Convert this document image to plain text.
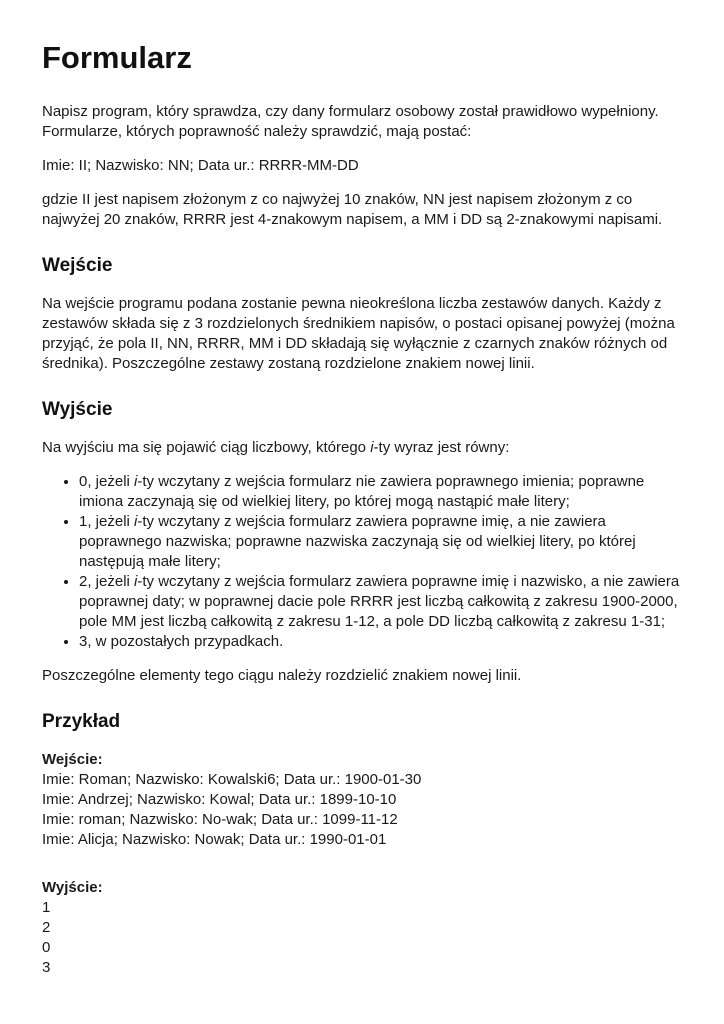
Formularz

Napisz program, który sprawdza, czy dany formularz osobowy został prawidłowo wypełniony. Formularze, których poprawność należy sprawdzić, mają postać:

Imie: II; Nazwisko: NN; Data ur.: RRRR-MM-DD

gdzie II jest napisem złożonym z co najwyżej 10 znaków, NN jest napisem złożonym z co najwyżej 20 znaków, RRRR jest 4-znakowym napisem, a MM i DD są 2-znakowymi napisami.

Wejście

Na wejście programu podana zostanie pewna nieokreślona liczba zestawów danych. Każdy z zestawów składa się z 3 rozdzielonych średnikiem napisów, o postaci opisanej powyżej (można przyjąć, że pola II, NN, RRRR, MM i DD składają się wyłącznie z czarnych znaków różnych od średnika). Poszczególne zestawy zostaną rozdzielone znakiem nowej linii.

Wyjście

Na wyjściu ma się pojawić ciąg liczbowy, którego i-ty wyraz jest równy:

• 0, jeżeli i-ty wczytany z wejścia formularz nie zawiera poprawnego imienia; poprawne imiona zaczynają się od wielkiej litery, po której mogą nastąpić małe litery;
• 1, jeżeli i-ty wczytany z wejścia formularz zawiera poprawne imię, a nie zawiera poprawnego nazwiska; poprawne nazwiska zaczynają się od wielkiej litery, po której następują małe litery;
• 2, jeżeli i-ty wczytany z wejścia formularz zawiera poprawne imię i nazwisko, a nie zawiera poprawnej daty; w poprawnej dacie pole RRRR jest liczbą całkowitą z zakresu 1900-2000, pole MM jest liczbą całkowitą z zakresu 1-12, a pole DD liczbą całkowitą z zakresu 1-31;
• 3, w pozostałych przypadkach.

Poszczególne elementy tego ciągu należy rozdzielić znakiem nowej linii.

Przykład
Wejście:
Imie: Roman; Nazwisko: Kowalski6; Data ur.: 1900-01-30
Imie: Andrzej; Nazwisko: Kowal; Data ur.: 1899-10-10
Imie: roman; Nazwisko: No-wak; Data ur.: 1099-11-12
Imie: Alicja; Nazwisko: Nowak; Data ur.: 1990-01-01
Wyjście:
1
2
0
3
